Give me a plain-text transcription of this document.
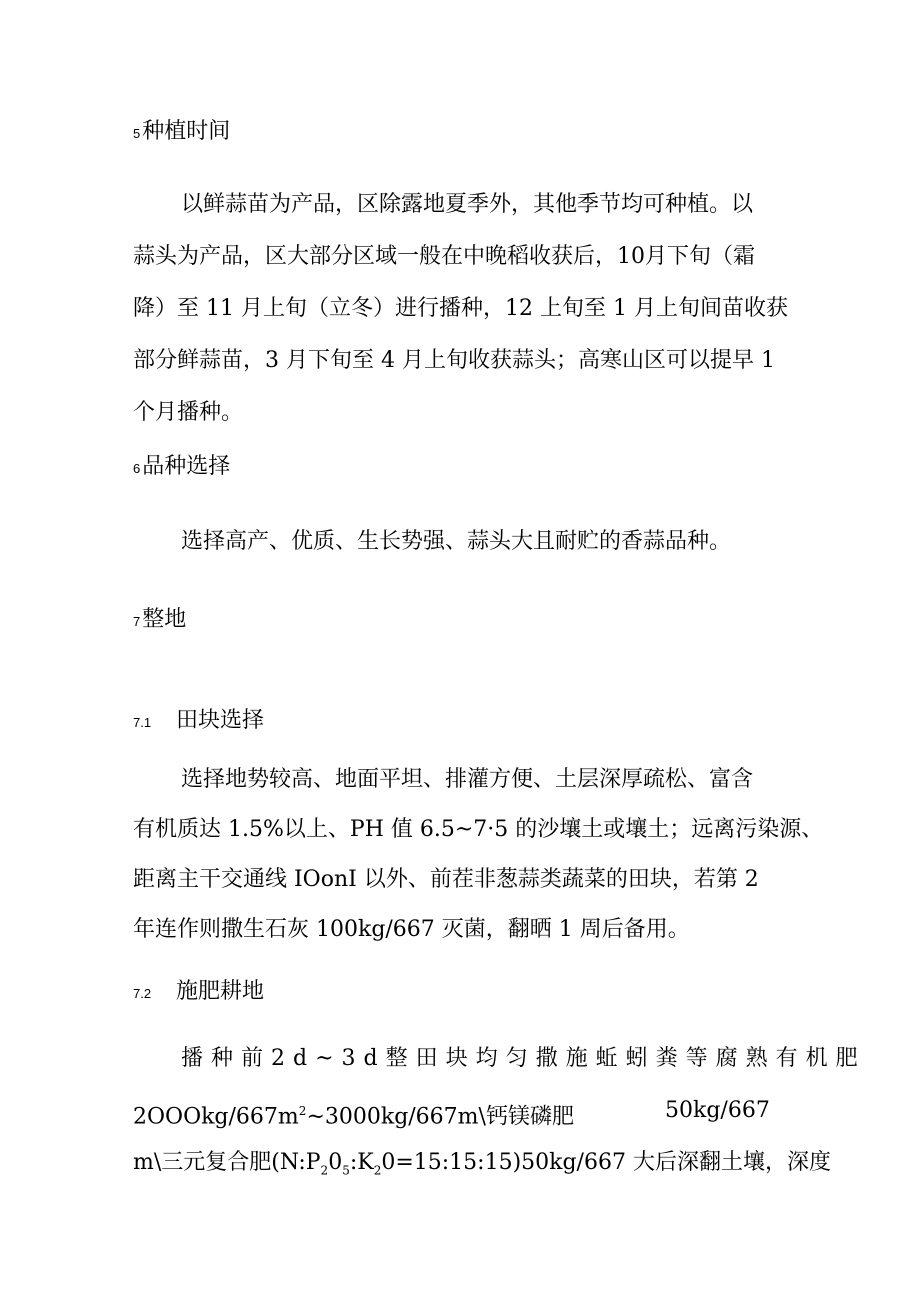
5种植时间
以鲜蒜苗为产品，区除露地夏季外，其他季节均可种植。以
蒜头为产品，区大部分区域一般在中晚稻收获后，10月下旬（霜
降）至 11 月上旬（立冬）进行播种，12 上旬至 1 月上旬间苗收获
部分鲜蒜苗，3 月下旬至 4 月上旬收获蒜头；高寒山区可以提早 1
个月播种。
6品种选择
选择高产、优质、生长势强、蒜头大且耐贮的香蒜品种。
7整地
7.1 田块选择
选择地势较高、地面平坦、排灌方便、土层深厚疏松、富含
有机质达 1.5%以上、PH 值 6.5~7·5 的沙壤土或壤土；远离污染源、
距离主干交通线 IOonI 以外、前茬非葱蒜类蔬菜的田块，若第 2
年连作则撒生石灰 100kg/667 灭菌，翻晒 1 周后备用。
7.2 施肥耕地
播种前2d~3d整田块均匀撒施蚯蚓粪等腐熟有机肥
$2OOOkg/667m^2\sim 3000kg/667m\backslash$钙镁磷肥	50kg/667
m\三元复合肥$(N:P_20_5:K_20=15:15:15)50kg/667$ 大后深翻土壤，深度
